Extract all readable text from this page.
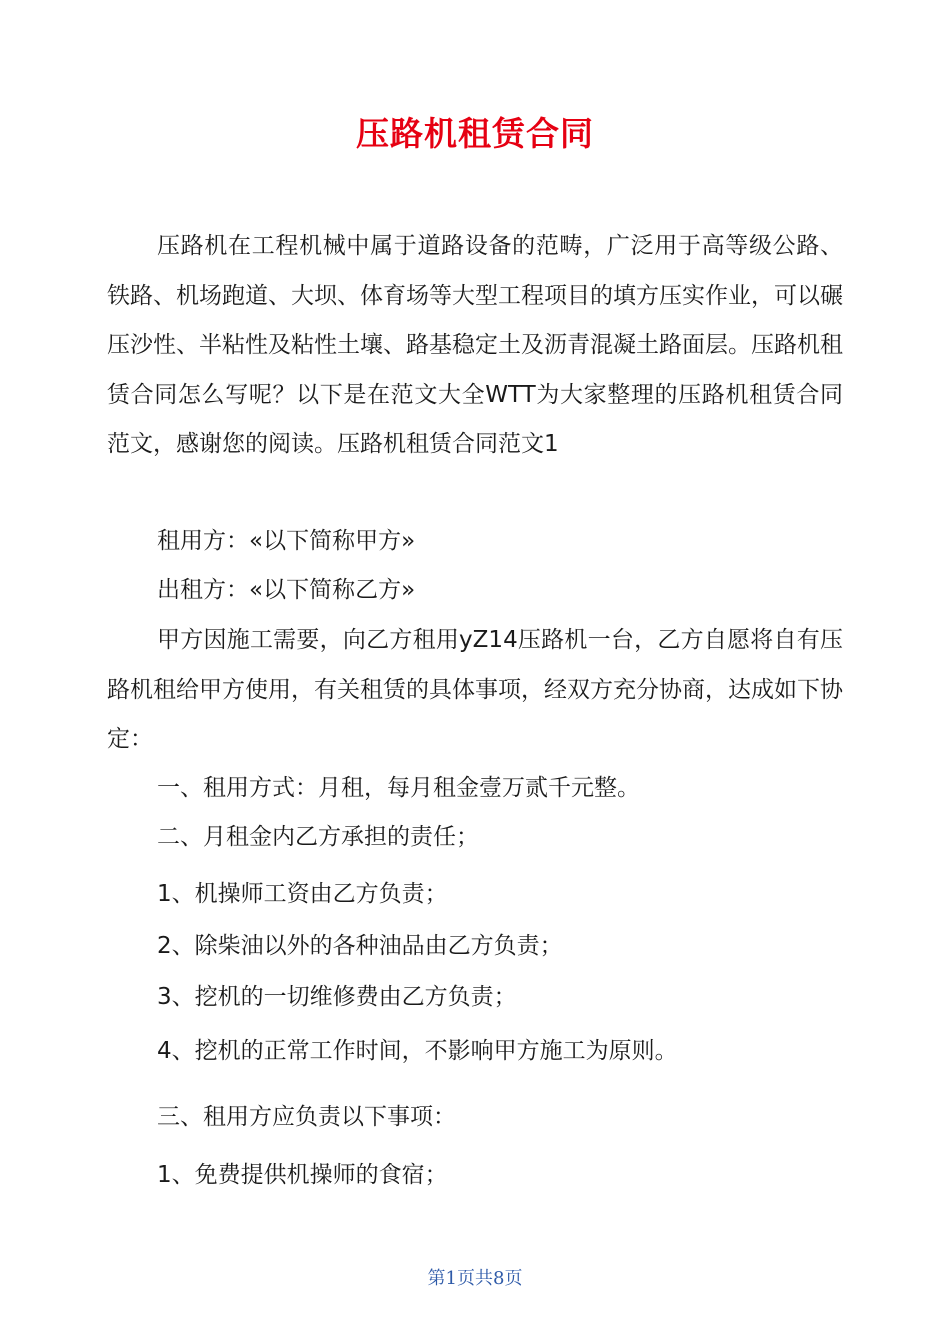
压路机租赁合同
压路机在工程机械中属于道路设备的范畴，广泛用于高等级公路、铁路、机场跑道、大坝、体育场等大型工程项目的填方压实作业，可以碾压沙性、半粘性及粘性土壤、路基稳定土及沥青混凝土路面层。压路机租赁合同怎么写呢？以下是在范文大全WTT为大家整理的压路机租赁合同范文，感谢您的阅读。压路机租赁合同范文1
租用方：«以下简称甲方»
出租方：«以下简称乙方»
甲方因施工需要，向乙方租用yZ14压路机一台，乙方自愿将自有压路机租给甲方使用，有关租赁的具体事项，经双方充分协商，达成如下协定：
一、租用方式：月租，每月租金壹万贰千元整。
二、月租金内乙方承担的责任；
1、机操师工资由乙方负责；
2、除柴油以外的各种油品由乙方负责；
3、挖机的一切维修费由乙方负责；
4、挖机的正常工作时间，不影响甲方施工为原则。
三、租用方应负责以下事项：
1、免费提供机操师的食宿；
第1页共8页
